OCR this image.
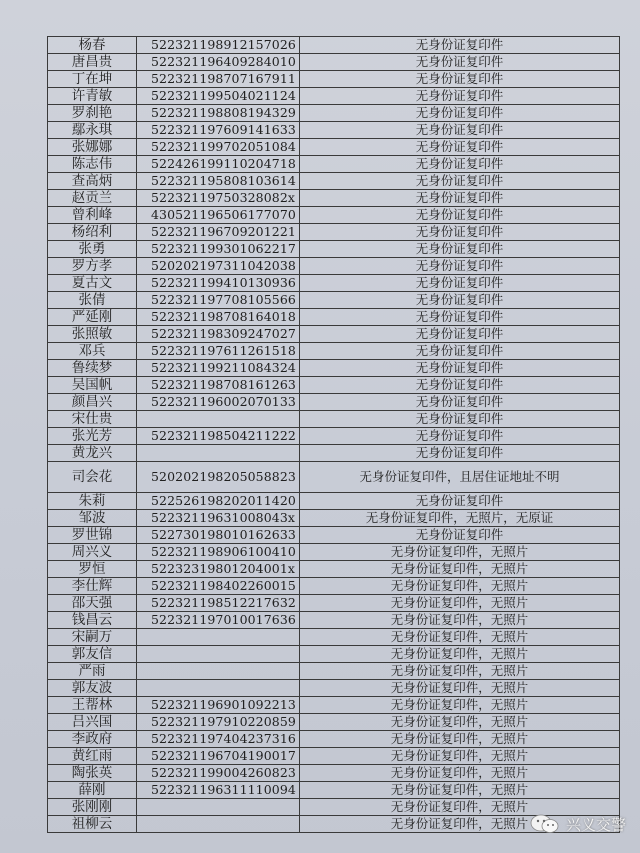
杨春	522321198912157026	无身份证复印件
唐昌贵	522321196409284010	无身份证复印件
丁在坤	522321198707167911	无身份证复印件
许青敏	522321199504021124	无身份证复印件
罗刹艳	522321198808194329	无身份证复印件
鄢永琪	522321197609141633	无身份证复印件
张娜娜	522321199702051084	无身份证复印件
陈志伟	522426199110204718	无身份证复印件
查高炳	522321195808103614	无身份证复印件
赵贡兰	52232119750328082x	无身份证复印件
曾利峰	430521196506177070	无身份证复印件
杨绍利	522321196709201221	无身份证复印件
张勇	522321199301062217	无身份证复印件
罗方孝	520202197311042038	无身份证复印件
夏古文	522321199410130936	无身份证复印件
张倩	522321197708105566	无身份证复印件
严延刚	522321198708164018	无身份证复印件
张照敏	522321198309247027	无身份证复印件
邓兵	522321197611261518	无身份证复印件
鲁续梦	522321199211084324	无身份证复印件
吴国帆	522321198708161263	无身份证复印件
颜昌兴	522321196002070133	无身份证复印件
宋仕贵		无身份证复印件
张光芳	522321198504211222	无身份证复印件
黄龙兴		无身份证复印件
司会花	520202198205058823	无身份证复印件，且居住证地址不明
朱莉	522526198202011420	无身份证复印件
邹波	52232119631008043x	无身份证复印件，无照片，无原证
罗世锦	522730198010162633	无身份证复印件
周兴义	522321198906100410	无身份证复印件，无照片
罗恒	52232319801204001x	无身份证复印件，无照片
李仕辉	522321198402260015	无身份证复印件，无照片
邵天强	522321198512217632	无身份证复印件，无照片
钱昌云	522321197010017636	无身份证复印件，无照片
宋嗣万		无身份证复印件，无照片
郭友信		无身份证复印件，无照片
严雨		无身份证复印件，无照片
郭友波		无身份证复印件，无照片
王帮林	522321196901092213	无身份证复印件，无照片
吕兴国	522321197910220859	无身份证复印件，无照片
李政府	522321197404237316	无身份证复印件，无照片
黄红雨	522321196704190017	无身份证复印件，无照片
陶张英	522321199004260823	无身份证复印件，无照片
薛刚	522321196311110094	无身份证复印件，无照片
张刚刚		无身份证复印件，无照片
祖柳云		无身份证复印件，无照片	兴义交警
